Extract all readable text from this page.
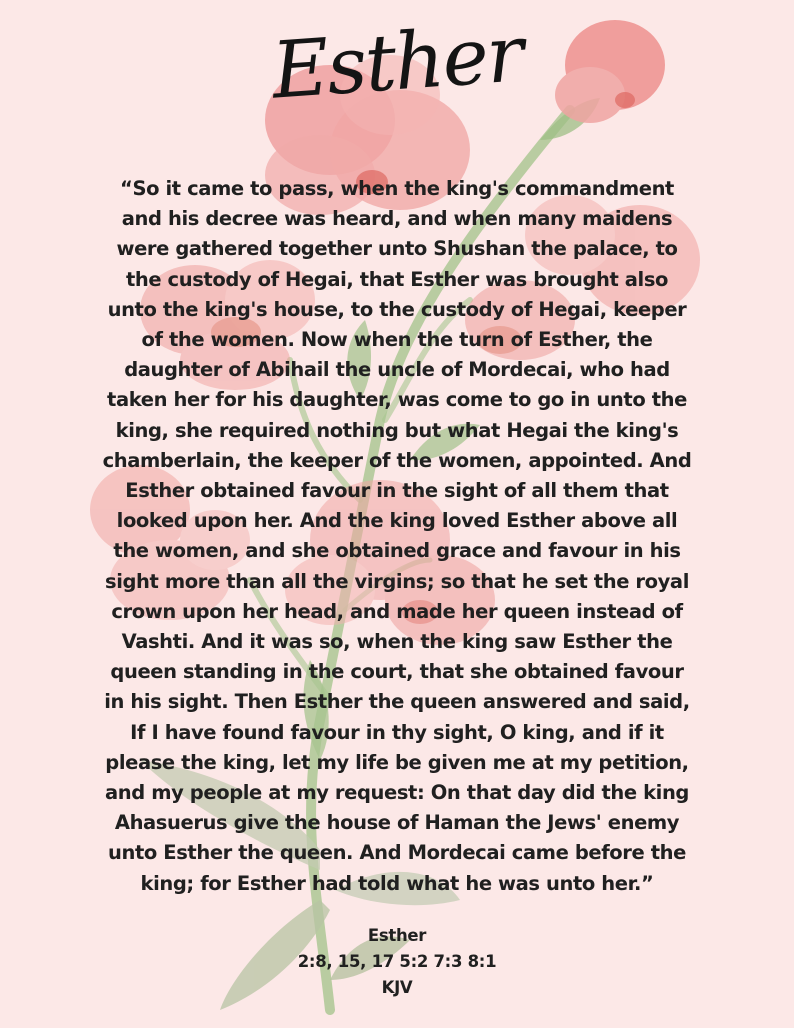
Esther

“So it came to pass, when the king's commandment
and his decree was heard, and when many maidens
were gathered together unto Shushan the palace, to
the custody of Hegai, that Esther was brought also
unto the king's house, to the custody of Hegai, keeper
of the women. Now when the turn of Esther, the
daughter of Abihail the uncle of Mordecai, who had
taken her for his daughter, was come to go in unto the
king, she required nothing but what Hegai the king's
chamberlain, the keeper of the women, appointed. And
Esther obtained favour in the sight of all them that
looked upon her. And the king loved Esther above all
the women, and she obtained grace and favour in his
sight more than all the virgins; so that he set the royal
crown upon her head, and made her queen instead of
Vashti. And it was so, when the king saw Esther the
queen standing in the court, that she obtained favour
in his sight. Then Esther the queen answered and said,
If I have found favour in thy sight, O king, and if it
please the king, let my life be given me at my petition,
and my people at my request: On that day did the king
Ahasuerus give the house of Haman the Jews' enemy
unto Esther the queen. And Mordecai came before the
king; for Esther had told what he was unto her.”

Esther
2:8, 15, 17 5:2 7:3 8:1
KJV
